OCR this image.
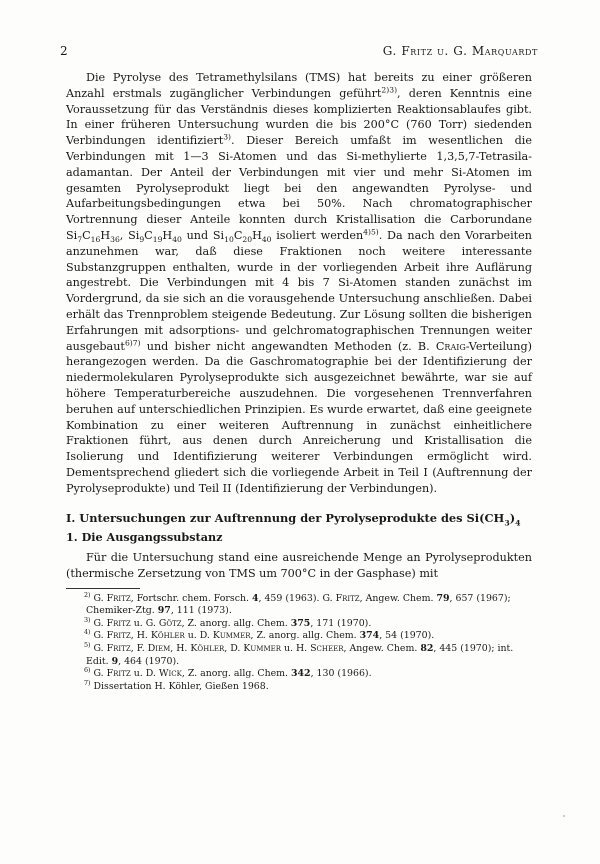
2	G. Fritz u. G. Marquardt

Die Pyrolyse des Tetramethylsilans (TMS) hat bereits zu einer größeren Anzahl erstmals zugänglicher Verbindungen geführt$^{2)3)}$, deren Kenntnis eine Voraussetzung für das Verständnis dieses komplizierten Reaktionsablaufes gibt. In einer früheren Untersuchung wurden die bis 200°C (760 Torr) siedenden Verbindungen identifiziert$^{3)}$. Dieser Bereich umfaßt im wesentlichen die Verbindungen mit 1—3 Si-Atomen und das Si-methylierte 1,3,5,7-Tetrasila-adamantan. Der Anteil der Verbindungen mit vier und mehr Si-Atomen im gesamten Pyrolyseprodukt liegt bei den angewandten Pyrolyse- und Aufarbeitungsbedingungen etwa bei 50%. Nach chromatographischer Vortrennung dieser Anteile konnten durch Kristallisation die Carborundane $Si_7C_{16}H_{36}$, $Si_9C_{19}H_{40}$ und $Si_{10}C_{20}H_{40}$ isoliert werden$^{4)5)}$. Da nach den Vorarbeiten anzunehmen war, daß diese Fraktionen noch weitere interessante Substanzgruppen enthalten, wurde in der vorliegenden Arbeit ihre Auflärung angestrebt. Die Verbindungen mit 4 bis 7 Si-Atomen standen zunächst im Vordergrund, da sie sich an die vorausgehende Untersuchung anschließen. Dabei erhält das Trennproblem steigende Bedeutung. Zur Lösung sollten die bisherigen Erfahrungen mit adsorptions- und gelchromatographischen Trennungen weiter ausgebaut$^{6)7)}$ und bisher nicht angewandten Methoden (z. B. Craig-Verteilung) herangezogen werden. Da die Gaschromatographie bei der Identifizierung der niedermolekularen Pyrolyseprodukte sich ausgezeichnet bewährte, war sie auf höhere Temperaturbereiche auszudehnen. Die vorgesehenen Trennverfahren beruhen auf unterschiedlichen Prinzipien. Es wurde erwartet, daß eine geeignete Kombination zu einer weiteren Auftrennung in zunächst einheitlichere Fraktionen führt, aus denen durch Anreicherung und Kristallisation die Isolierung und Identifizierung weiterer Verbindungen ermöglicht wird. Dementsprechend gliedert sich die vorliegende Arbeit in Teil I (Auftrennung der Pyrolyseprodukte) und Teil II (Identifizierung der Verbindungen).

I. Untersuchungen zur Auftrennung der Pyrolyseprodukte des $Si(CH_3)_4$
1. Die Ausgangssubstanz

Für die Untersuchung stand eine ausreichende Menge an Pyrolyseprodukten (thermische Zersetzung von TMS um 700°C in der Gasphase) mit

$^{2)}$ G. Fritz, Fortschr. chem. Forsch. 4, 459 (1963). G. Fritz, Angew. Chem. 79, 657 (1967); Chemiker-Ztg. 97, 111 (1973).
$^{3)}$ G. Fritz u. G. Götz, Z. anorg. allg. Chem. 375, 171 (1970).
$^{4)}$ G. Fritz, H. Köhler u. D. Kummer, Z. anorg. allg. Chem. 374, 54 (1970).
$^{5)}$ G. Fritz, F. Diem, H. Köhler, D. Kummer u. H. Scheer, Angew. Chem. 82, 445 (1970); int. Edit. 9, 464 (1970).
$^{6)}$ G. Fritz u. D. Wick, Z. anorg. allg. Chem. 342, 130 (1966).
$^{7)}$ Dissertation H. Köhler, Gießen 1968.
